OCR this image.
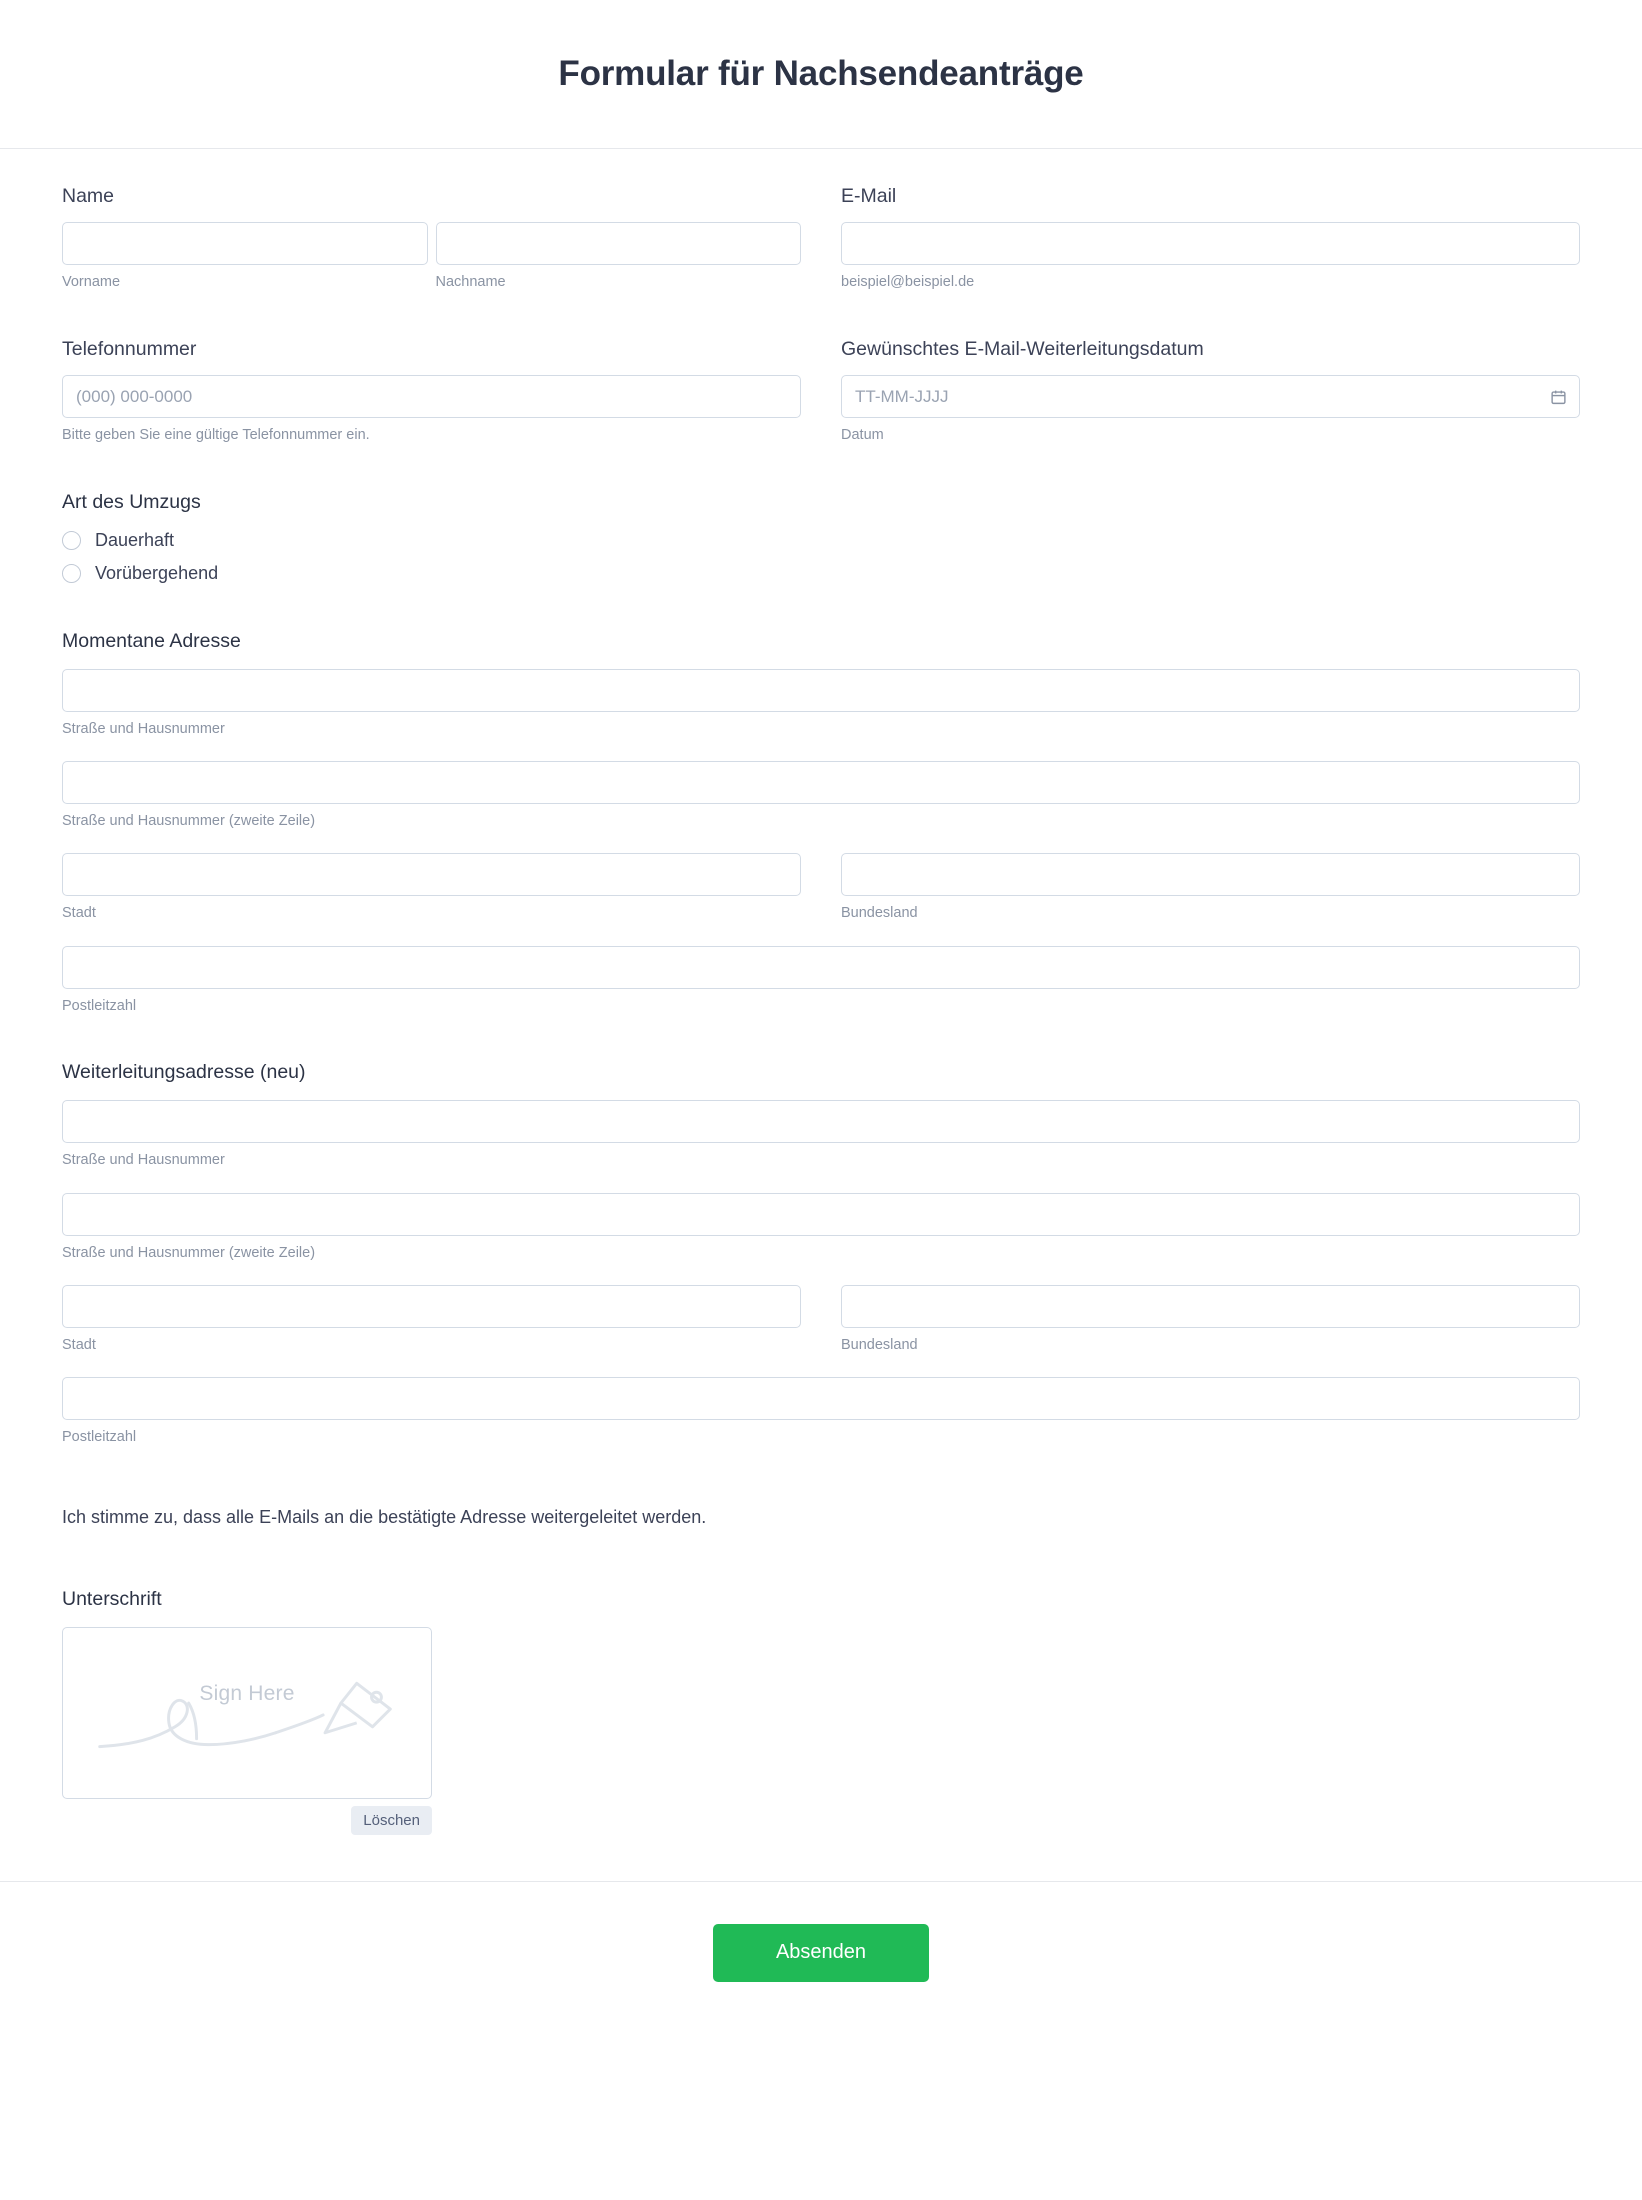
Formular für Nachsendeanträge
Name
Vorname	Nachname
E-Mail
beispiel@beispiel.de
Telefonnummer
(000) 000-0000
Bitte geben Sie eine gültige Telefonnummer ein.
Gewünschtes E-Mail-Weiterleitungsdatum
TT-MM-JJJJ
Datum
Art des Umzugs
Dauerhaft
Vorübergehend
Momentane Adresse
Straße und Hausnummer
Straße und Hausnummer (zweite Zeile)
Stadt	Bundesland
Postleitzahl
Weiterleitungsadresse (neu)
Straße und Hausnummer
Straße und Hausnummer (zweite Zeile)
Stadt	Bundesland
Postleitzahl
Ich stimme zu, dass alle E-Mails an die bestätigte Adresse weitergeleitet werden.
Unterschrift
Sign Here
Löschen
Absenden
